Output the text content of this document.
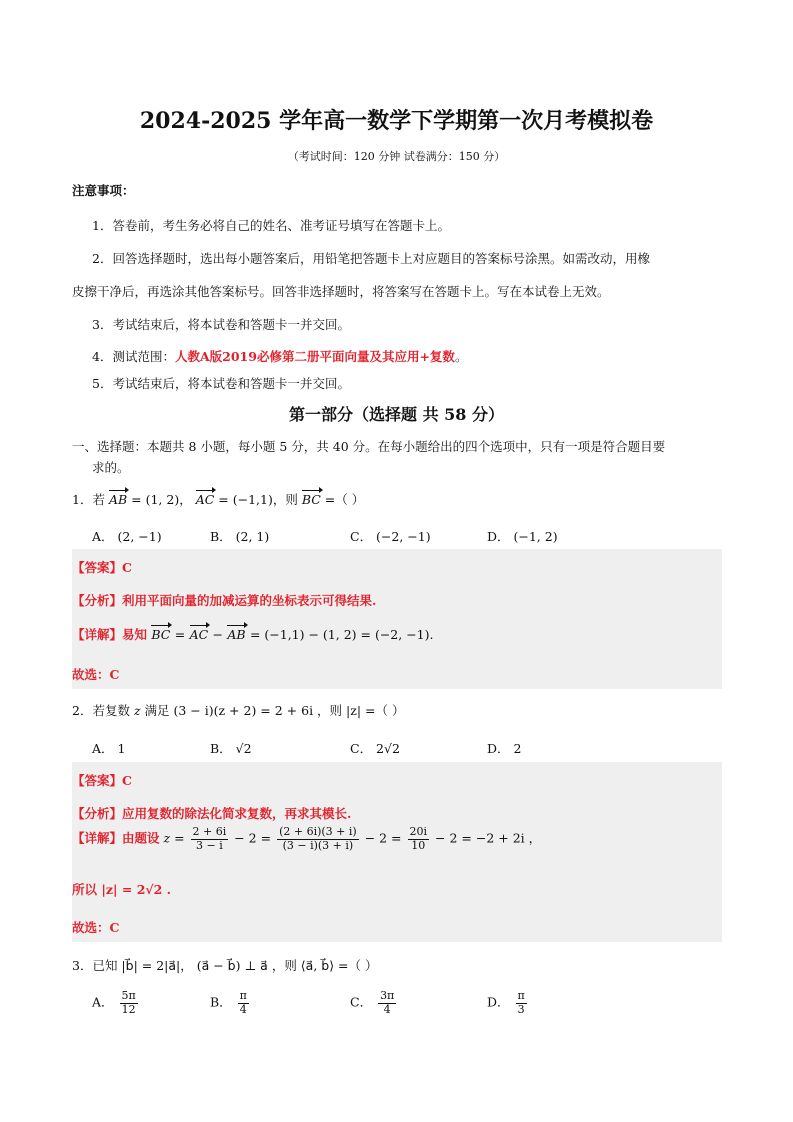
2024-2025 学年高一数学下学期第一次月考模拟卷
（考试时间：120 分钟 试卷满分：150 分）
注意事项：
1．答卷前，考生务必将自己的姓名、准考证号填写在答题卡上。
2．回答选择题时，选出每小题答案后，用铅笔把答题卡上对应题目的答案标号涂黑。如需改动，用橡
皮擦干净后，再选涂其他答案标号。回答非选择题时，将答案写在答题卡上。写在本试卷上无效。
3．考试结束后，将本试卷和答题卡一并交回。
4．测试范围：人教A版2019必修第二册平面向量及其应用+复数。
5．考试结束后，将本试卷和答题卡一并交回。
第一部分（选择题 共 58 分）
一、选择题：本题共 8 小题，每小题 5 分，共 40 分。在每小题给出的四个选项中，只有一项是符合题目要
求的。
1．若 AB = (1, 2)， AC = (−1,1)，则 BC =（ ）
A． (2, −1)	B． (2, 1)	C． (−2, −1)	D． (−1, 2)
【答案】C
【分析】利用平面向量的加减运算的坐标表示可得结果.
【详解】易知 BC = AC − AB = (−1,1) − (1, 2) = (−2, −1).
故选：C
2．若复数 z 满足 (3 − i)(z + 2) = 2 + 6i ，则 |z| =（ ）
A． 1	B． √2	C． 2√2	D． 2
【答案】C
【分析】应用复数的除法化简求复数，再求其模长.
【详解】由题设 $z = \frac{2 + 6i}{3 - i} - 2 = \frac{(2 + 6i)(3 + i)}{(3 - i)(3 + i)} - 2 = \frac{20i}{10} - 2 = -2 + 2i$ ，
所以 |z| = 2√2 .
故选：C
3．已知 |b⃗| = 2|a⃗|， (a⃗ − b⃗) ⊥ a⃗ ，则 ⟨a⃗, b⃗⟩ =（ ）
A． $\frac{5\pi}{12}$	B． $\frac{\pi}{4}$	C． $\frac{3\pi}{4}$	D． $\frac{\pi}{3}$
